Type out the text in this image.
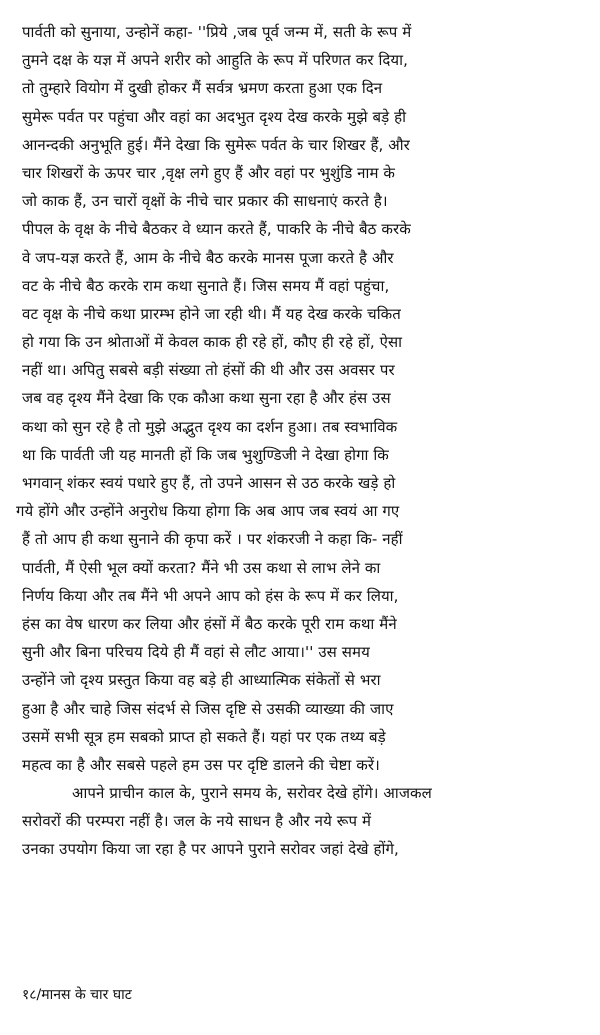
पार्वती को सुनाया, उन्होनें कहा- ''प्रिये ,जब पूर्व जन्म में, सती के रूप में
तुमने दक्ष के यज्ञ में अपने शरीर को आहुति के रूप में परिणत कर दिया,
तो तुम्हारे वियोग में दुखी होकर मैं सर्वत्र भ्रमण करता हुआ एक दिन
सुमेरू पर्वत पर पहुंचा और वहां का अदभुत दृश्य देख करके मुझे बड़े ही
आनन्दकी अनुभूति हुई। मैंने देखा कि सुमेरू पर्वत के चार शिखर हैं, और
चार शिखरों के ऊपर चार ,वृक्ष लगे हुए हैं और वहां पर भुशुंडि नाम के
जो काक हैं, उन चारों वृक्षों के नीचे चार प्रकार की साधनाएं करते है।
पीपल के वृक्ष के नीचे बैठकर वे ध्यान करते हैं, पाकरि के नीचे बैठ करके
वे जप-यज्ञ करते हैं, आम के नीचे बैठ करके मानस पूजा करते है और
वट के नीचे बैठ करके राम कथा सुनाते हैं। जिस समय मैं वहां पहुंचा,
वट वृक्ष के नीचे कथा प्रारम्भ होने जा रही थी। मैं यह देख करके चकित
हो गया कि उन श्रोताओं में केवल काक ही रहे हों, कौए ही रहे हों, ऐसा
नहीं था। अपितु सबसे बड़ी संख्या तो हंसों की थी और उस अवसर पर
जब वह दृश्य मैंने देखा कि एक कौआ कथा सुना रहा है और हंस उस
कथा को सुन रहे है तो मुझे अद्भुत दृश्य का दर्शन हुआ। तब स्वभाविक
था कि पार्वती जी यह मानती हों कि जब भुशुण्डिजी ने देखा होगा कि
भगवान् शंकर स्वयं पधारे हुए हैं, तो उपने आसन से उठ करके खड़े हो
गये होंगे और उन्होंने अनुरोध किया होगा कि अब आप जब स्वयं आ गए
हैं तो आप ही कथा सुनाने की कृपा करें । पर शंकरजी ने कहा कि- नहीं
पार्वती, मैं ऐसी भूल क्यों करता? मैंने भी उस कथा से लाभ लेने का
निर्णय किया और तब मैंने भी अपने आप को हंस के रूप में कर लिया,
हंस का वेष धारण कर लिया और हंसों में बैठ करके पूरी राम कथा मैंने
सुनी और बिना परिचय दिये ही मैं वहां से लौट आया।'' उस समय
उन्होंने जो दृश्य प्रस्तुत किया वह बड़े ही आध्यात्मिक संकेतों से भरा
हुआ है और चाहे जिस संदर्भ से जिस दृष्टि से उसकी व्याख्या की जाए
उसमें सभी सूत्र हम सबको प्राप्त हो सकते हैं। यहां पर एक तथ्य बड़े
महत्व का है और सबसे पहले हम उस पर दृष्टि डालने की चेष्टा करें।
आपने प्राचीन काल के, पुराने समय के, सरोवर देखे होंगे। आजकल
सरोवरों की परम्परा नहीं है। जल के नये साधन है और नये रूप में
उनका उपयोग किया जा रहा है पर आपने पुराने सरोवर जहां देखे होंगे,
१८/मानस के चार घाट
